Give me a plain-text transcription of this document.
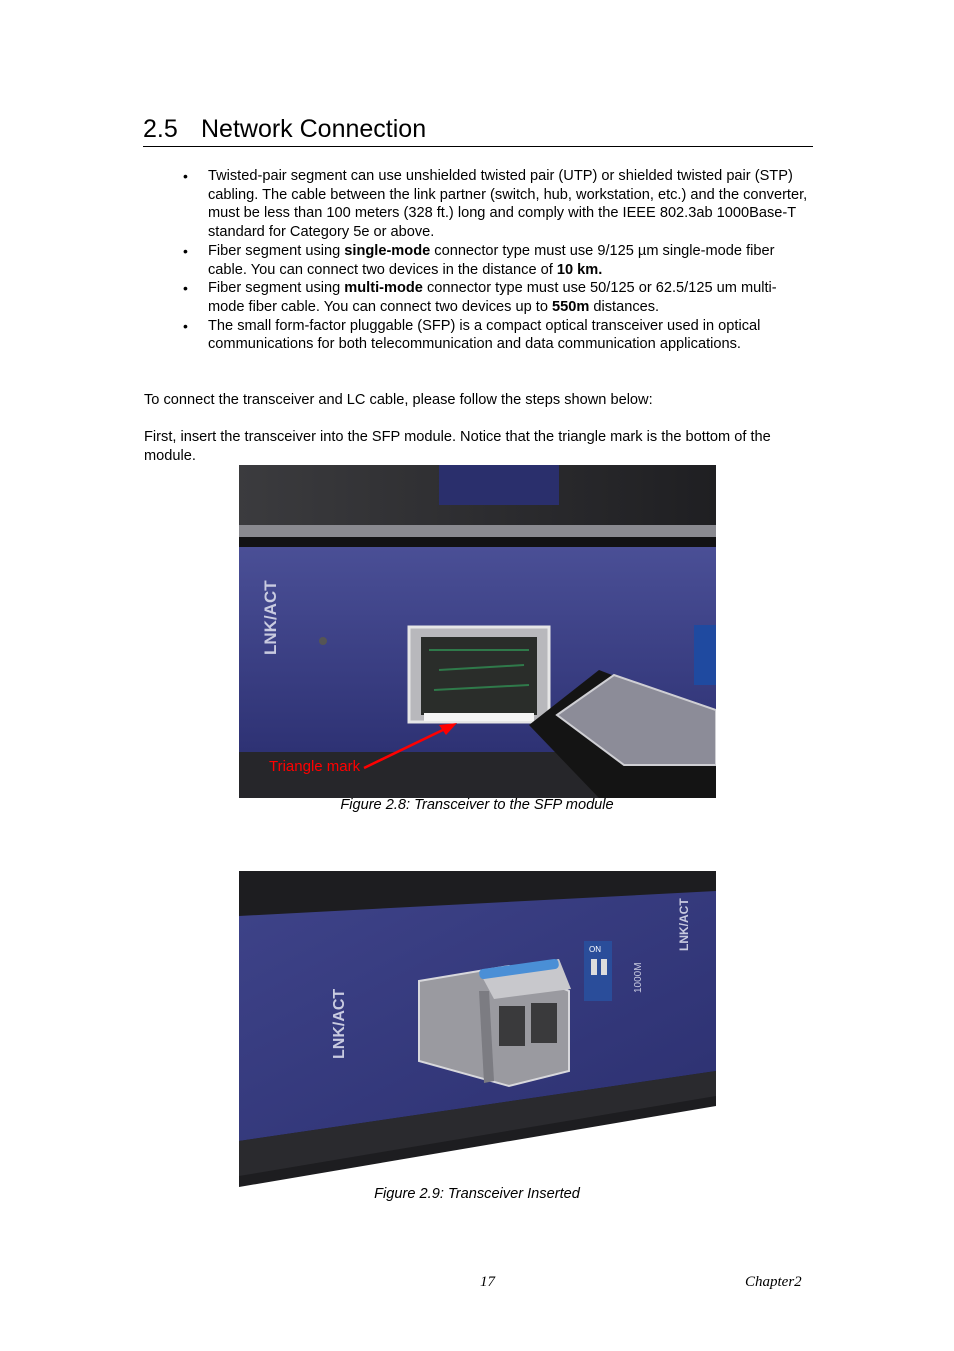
2.5 Network Connection
• Twisted-pair segment can use unshielded twisted pair (UTP) or shielded twisted pair (STP) cabling. The cable between the link partner (switch, hub, workstation, etc.) and the converter, must be less than 100 meters (328 ft.) long and comply with the IEEE 802.3ab 1000Base-T standard for Category 5e or above.
• Fiber segment using single-mode connector type must use 9/125 µm single-mode fiber cable. You can connect two devices in the distance of 10 km.
• Fiber segment using multi-mode connector type must use 50/125 or 62.5/125 um multi-mode fiber cable. You can connect two devices up to 550m distances.
• The small form-factor pluggable (SFP) is a compact optical transceiver used in optical communications for both telecommunication and data communication applications.

To connect the transceiver and LC cable, please follow the steps shown below:

First, insert the transceiver into the SFP module. Notice that the triangle mark is the bottom of the module.

LNK/ACT
Triangle mark

Figure 2.8: Transceiver to the SFP module

LNK/ACT
LNK/ACT
1000M
ON

Figure 2.9: Transceiver Inserted

17	Chapter2
